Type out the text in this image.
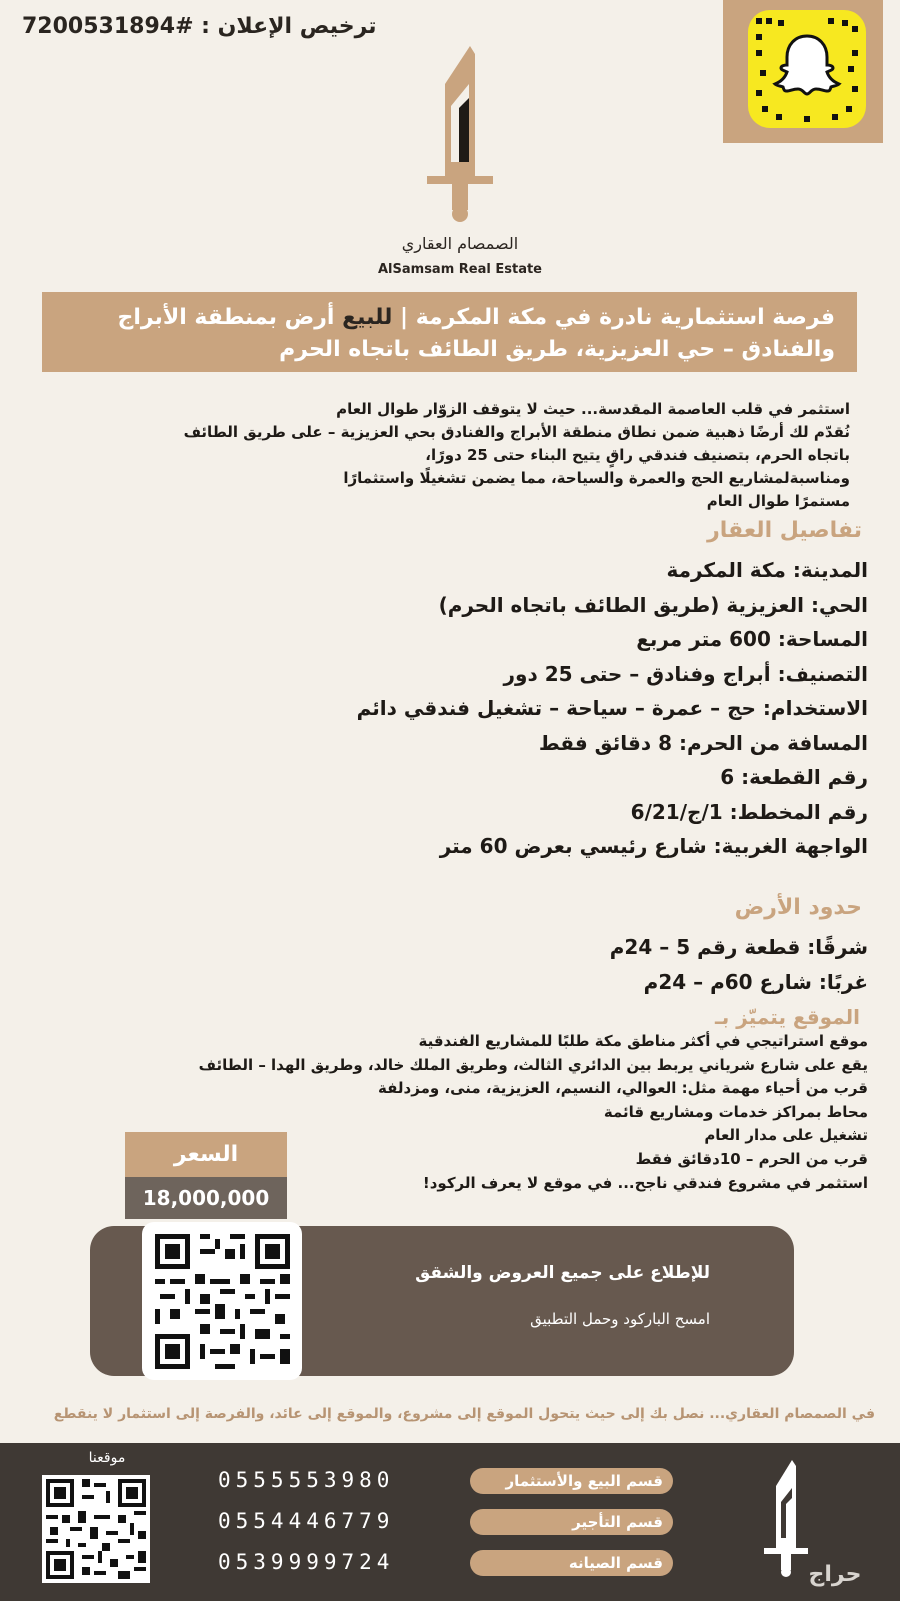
ترخيص الإعلان : #7200531894
الصمصام العقاري
AlSamsam Real Estate
فرصة استثمارية نادرة في مكة المكرمة | للبيع أرض بمنطقة الأبراج والفنادق – حي العزيزية، طريق الطائف باتجاه الحرم
استثمر في قلب العاصمة المقدسة... حيث لا يتوقف الزوّار طوال العام
نُقدّم لك أرضًا ذهبية ضمن نطاق منطقة الأبراج والفنادق بحي العزيزية – على طريق الطائف
باتجاه الحرم، بتصنيف فندقي راقٍ يتيح البناء حتى 25 دورًا،
ومناسبةلمشاريع الحج والعمرة والسياحة، مما يضمن تشغيلًا واستثمارًا
مستمرًا طوال العام
تفاصيل العقار
المدينة: مكة المكرمة
الحي: العزيزية (طريق الطائف باتجاه الحرم)
المساحة: 600 متر مربع
التصنيف: أبراج وفنادق – حتى 25 دور
الاستخدام: حج – عمرة – سياحة – تشغيل فندقي دائم
المسافة من الحرم: 8 دقائق فقط
رقم القطعة: 6
رقم المخطط: 1/ج/6/21
الواجهة الغربية: شارع رئيسي بعرض 60 متر
حدود الأرض
شرقًا: قطعة رقم 5 – 24م
غربًا: شارع 60م – 24م
الموقع يتميّز بـ
موقع استراتيجي في أكثر مناطق مكة طلبًا للمشاريع الفندقية
يقع على شارع شرياني يربط بين الدائري الثالث، وطريق الملك خالد، وطريق الهدا – الطائف
قرب من أحياء مهمة مثل: العوالي، النسيم، العزيزية، منى، ومزدلفة
محاط بمراكز خدمات ومشاريع قائمة
تشغيل على مدار العام
قرب من الحرم – 10دقائق فقط
استثمر في مشروع فندقي ناجح... في موقع لا يعرف الركود!
السعر
18,000,000
للإطلاع على جميع العروض والشقق
امسح الباركود وحمل التطبيق
في الصمصام العقاري... نصل بك إلى حيث يتحول الموقع إلى مشروع، والموقع إلى عائد، والفرصة إلى استثمار لا ينقطع
موقعنا
0555553980
0554446779
0539999724
قسم البيع والأستثمار
قسم التأجير
قسم الصيانه	حراج
